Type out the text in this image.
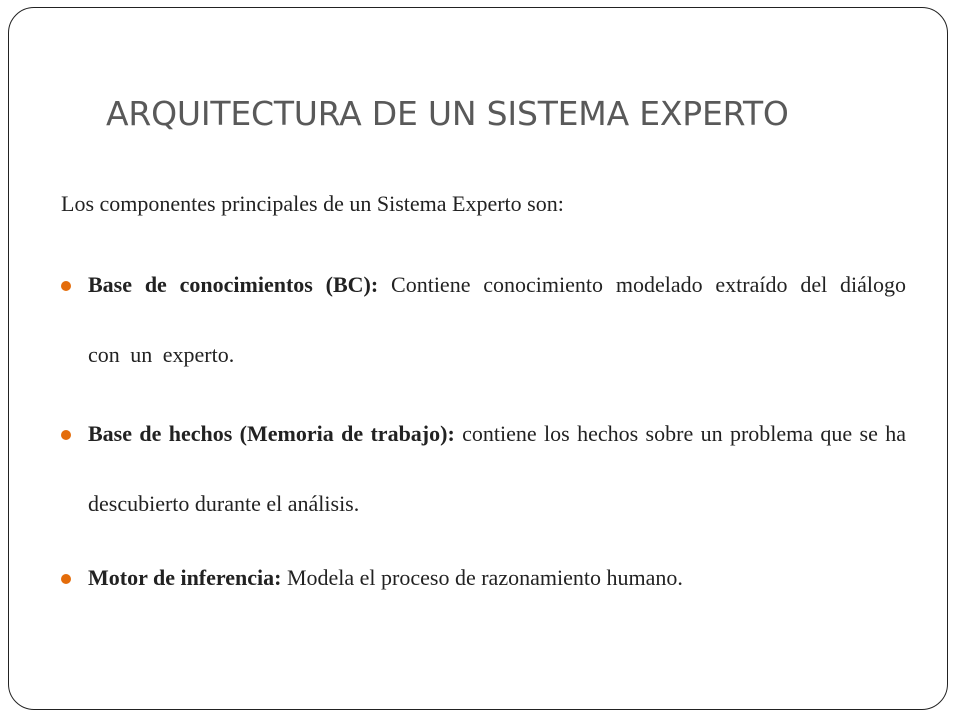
ARQUITECTURA DE UN SISTEMA EXPERTO
Los componentes principales de un Sistema Experto son:
Base de conocimientos (BC): Contiene conocimiento modelado extraído del diálogo con un experto.
Base de hechos (Memoria de trabajo): contiene los hechos sobre un problema que se ha descubierto durante el análisis.
Motor de inferencia: Modela el proceso de razonamiento humano.
